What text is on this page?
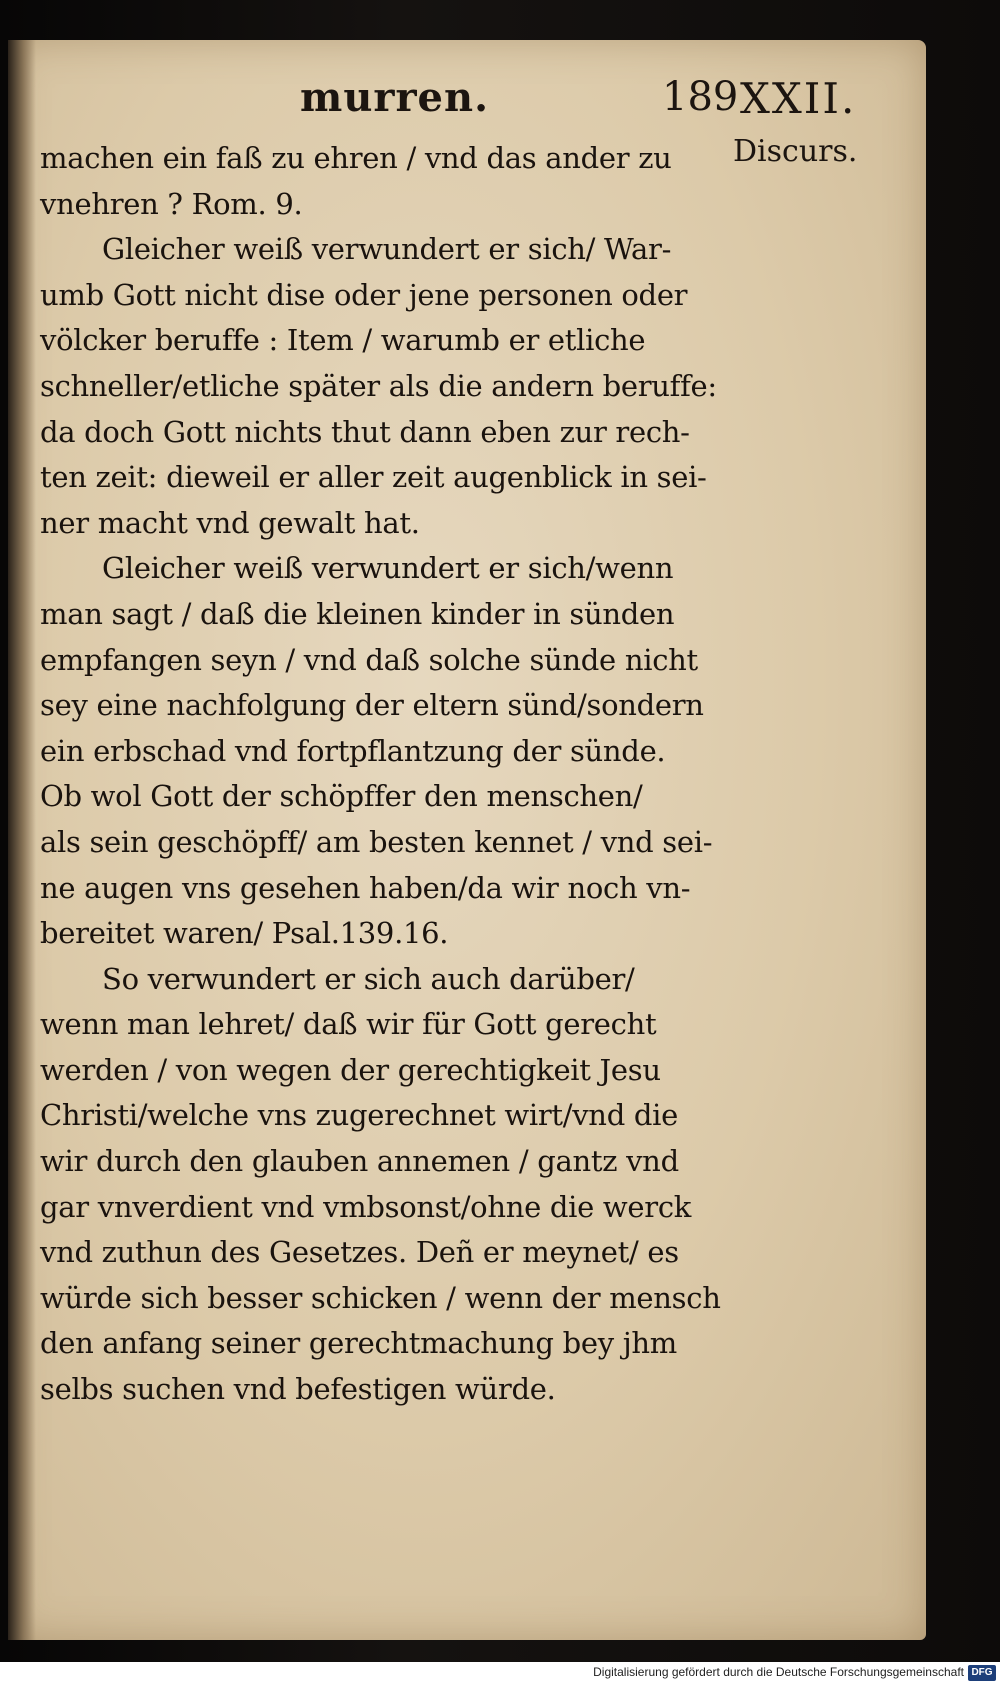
murren.	189 XXII.
Discurs.
machen ein faß zu ehren / vnd das ander zu
vnehren ? Rom. 9.
Gleicher weiß verwundert er sich/ War-
umb Gott nicht dise oder jene personen oder
völcker beruffe : Item / warumb er etliche
schneller/etliche später als die andern beruffe:
da doch Gott nichts thut dann eben zur rech-
ten zeit: dieweil er aller zeit augenblick in sei-
ner macht vnd gewalt hat.
Gleicher weiß verwundert er sich/wenn
man sagt / daß die kleinen kinder in sünden
empfangen seyn / vnd daß solche sünde nicht
sey eine nachfolgung der eltern sünd/sondern
ein erbschad vnd fortpflantzung der sünde.
Ob wol Gott der schöpffer den menschen/
als sein geschöpff/ am besten kennet / vnd sei-
ne augen vns gesehen haben/da wir noch vn-
bereitet waren/ Psal.139.16.
So verwundert er sich auch darüber/
wenn man lehret/ daß wir für Gott gerecht
werden / von wegen der gerechtigkeit Jesu
Christi/welche vns zugerechnet wirt/vnd die
wir durch den glauben annemen / gantz vnd
gar vnverdient vnd vmbsonst/ohne die werck
vnd zuthun des Gesetzes. Deñ er meynet/ es
würde sich besser schicken / wenn der mensch
den anfang seiner gerechtmachung bey jhm
selbs suchen vnd befestigen würde.
Digitalisierung gefördert durch die Deutsche Forschungsgemeinschaft DFG
